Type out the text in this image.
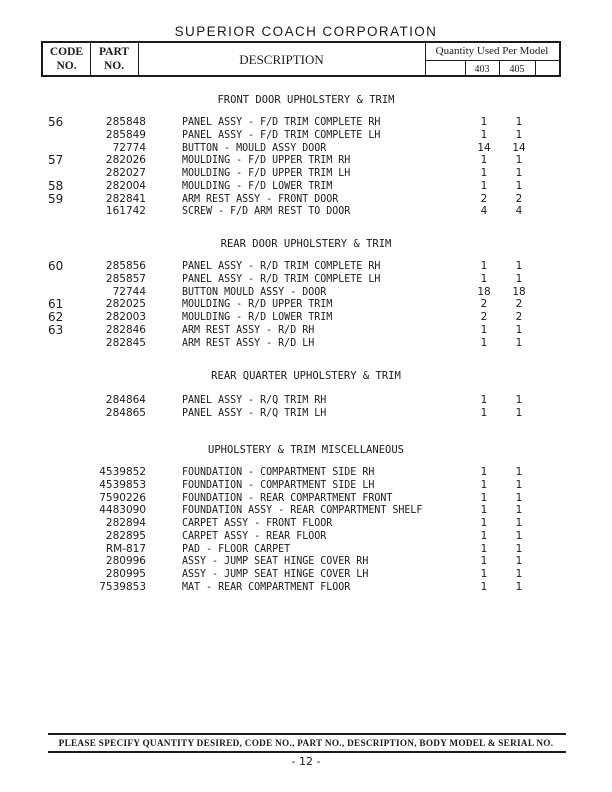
SUPERIOR COACH CORPORATION
CODE
NO.
PART
NO.	DESCRIPTION
Quantity Used Per Model
403	405
FRONT DOOR UPHOLSTERY & TRIM
56	285848	PANEL ASSY - F/D TRIM COMPLETE RH	1	1
285849	PANEL ASSY - F/D TRIM COMPLETE LH	1	1
72774	BUTTON - MOULD ASSY DOOR	14	14
57	282026	MOULDING - F/D UPPER TRIM RH	1	1
282027	MOULDING - F/D UPPER TRIM LH	1	1
58	282004	MOULDING - F/D LOWER TRIM	1	1
59	282841	ARM REST ASSY - FRONT DOOR	2	2
161742	SCREW - F/D ARM REST TO DOOR	4	4
REAR DOOR UPHOLSTERY & TRIM
60	285856	PANEL ASSY - R/D TRIM COMPLETE RH	1	1
285857	PANEL ASSY - R/D TRIM COMPLETE LH	1	1
72744	BUTTON MOULD ASSY - DOOR	18	18
61	282025	MOULDING - R/D UPPER TRIM	2	2
62	282003	MOULDING - R/D LOWER TRIM	2	2
63	282846	ARM REST ASSY - R/D RH	1	1
282845	ARM REST ASSY - R/D LH	1	1
REAR QUARTER UPHOLSTERY & TRIM
284864	PANEL ASSY - R/Q TRIM RH	1	1
284865	PANEL ASSY - R/Q TRIM LH	1	1
UPHOLSTERY & TRIM MISCELLANEOUS
4539852	FOUNDATION - COMPARTMENT SIDE RH	1	1
4539853	FOUNDATION - COMPARTMENT SIDE LH	1	1
7590226	FOUNDATION - REAR COMPARTMENT FRONT	1	1
4483090	FOUNDATION ASSY - REAR COMPARTMENT SHELF	1	1
282894	CARPET ASSY - FRONT FLOOR	1	1
282895	CARPET ASSY - REAR FLOOR	1	1
RM-817	PAD - FLOOR CARPET	1	1
280996	ASSY - JUMP SEAT HINGE COVER RH	1	1
280995	ASSY - JUMP SEAT HINGE COVER LH	1	1
7539853	MAT - REAR COMPARTMENT FLOOR	1	1
PLEASE SPECIFY QUANTITY DESIRED, CODE NO., PART NO., DESCRIPTION, BODY MODEL & SERIAL NO.
- 12 -
